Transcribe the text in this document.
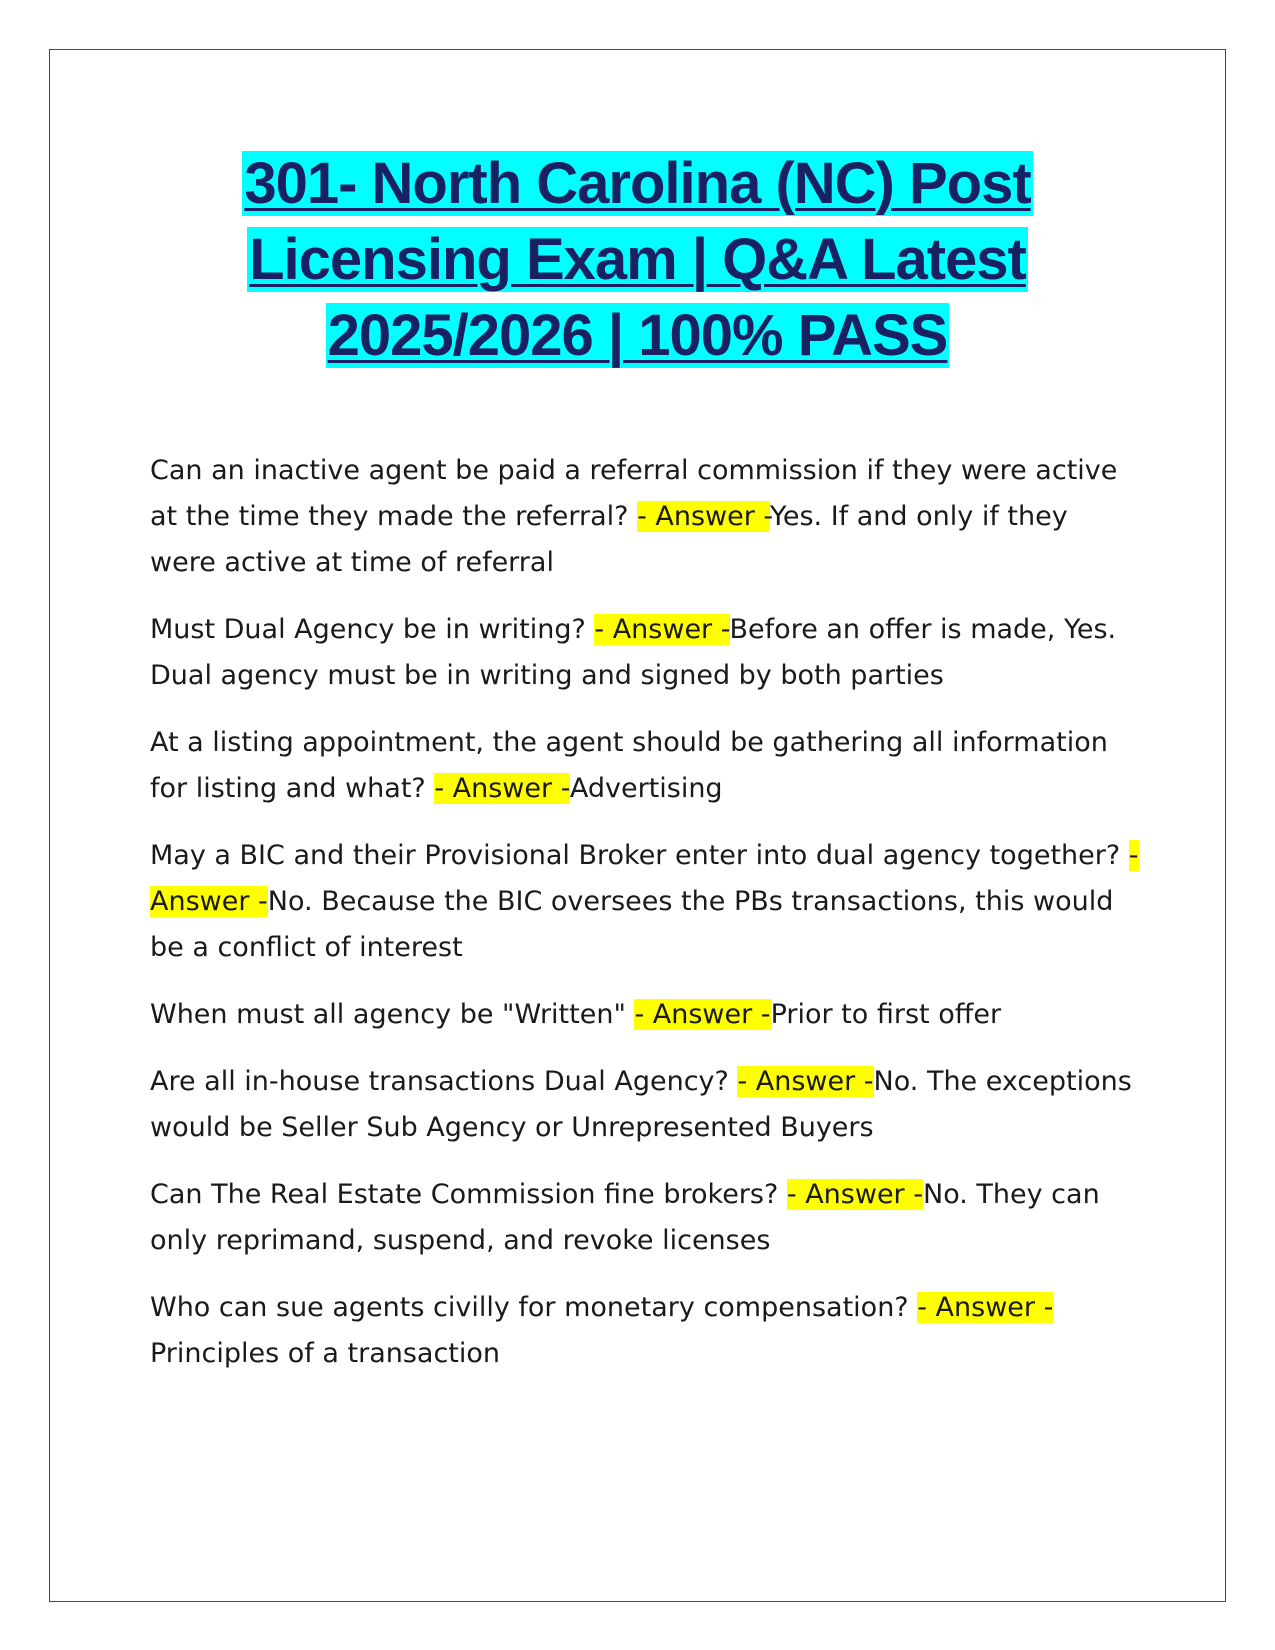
301- North Carolina (NC) Post
Licensing Exam | Q&A Latest
2025/2026 | 100% PASS

Can an inactive agent be paid a referral commission if they were active at the time they made the referral? - Answer -Yes. If and only if they were active at time of referral

Must Dual Agency be in writing? - Answer -Before an offer is made, Yes. Dual agency must be in writing and signed by both parties

At a listing appointment, the agent should be gathering all information for listing and what? - Answer -Advertising

May a BIC and their Provisional Broker enter into dual agency together? - Answer -No. Because the BIC oversees the PBs transactions, this would be a conflict of interest

When must all agency be "Written" - Answer -Prior to first offer

Are all in-house transactions Dual Agency? - Answer -No. The exceptions would be Seller Sub Agency or Unrepresented Buyers

Can The Real Estate Commission fine brokers? - Answer -No. They can only reprimand, suspend, and revoke licenses

Who can sue agents civilly for monetary compensation? - Answer -Principles of a transaction
